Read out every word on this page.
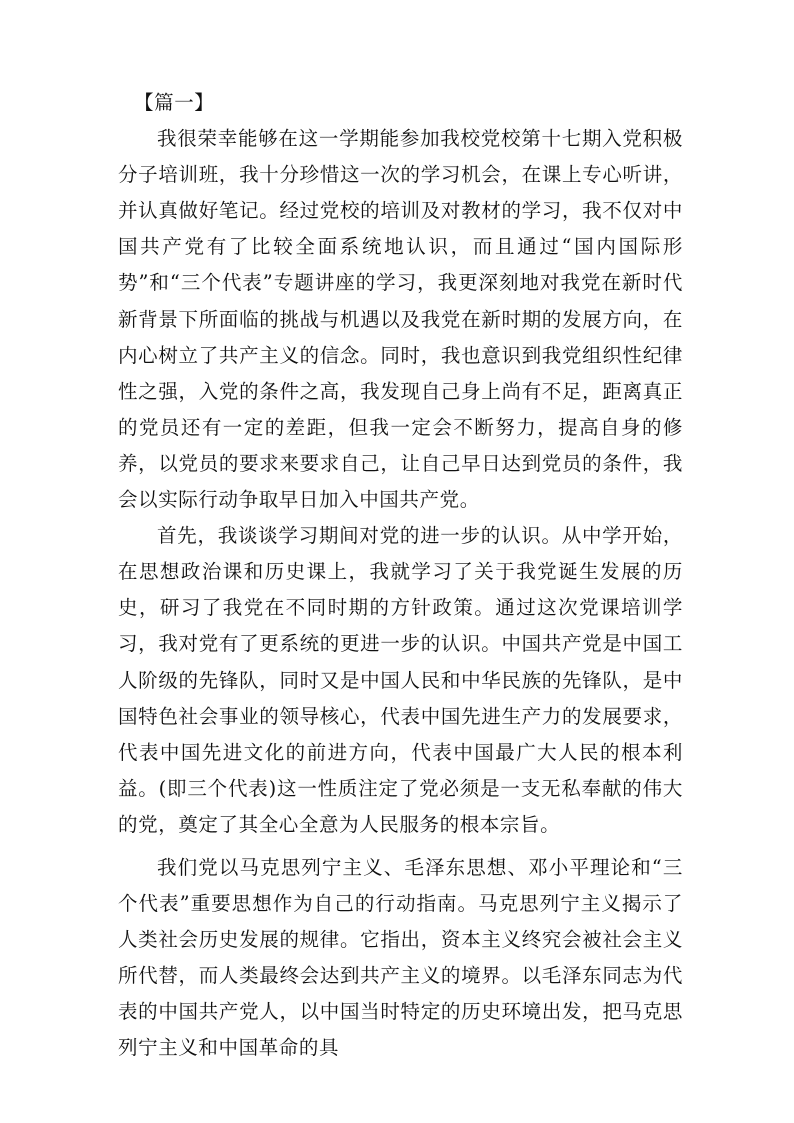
【篇一】

我很荣幸能够在这一学期能参加我校党校第十七期入党积极分子培训班，我十分珍惜这一次的学习机会，在课上专心听讲，并认真做好笔记。经过党校的培训及对教材的学习，我不仅对中国共产党有了比较全面系统地认识，而且通过“国内国际形势”和“三个代表”专题讲座的学习，我更深刻地对我党在新时代新背景下所面临的挑战与机遇以及我党在新时期的发展方向，在内心树立了共产主义的信念。同时，我也意识到我党组织性纪律性之强，入党的条件之高，我发现自己身上尚有不足，距离真正的党员还有一定的差距，但我一定会不断努力，提高自身的修养，以党员的要求来要求自己，让自己早日达到党员的条件，我会以实际行动争取早日加入中国共产党。

首先，我谈谈学习期间对党的进一步的认识。从中学开始，在思想政治课和历史课上，我就学习了关于我党诞生发展的历史，研习了我党在不同时期的方针政策。通过这次党课培训学习，我对党有了更系统的更进一步的认识。中国共产党是中国工人阶级的先锋队，同时又是中国人民和中华民族的先锋队，是中国特色社会事业的领导核心，代表中国先进生产力的发展要求，代表中国先进文化的前进方向，代表中国最广大人民的根本利益。(即三个代表)这一性质注定了党必须是一支无私奉献的伟大的党，奠定了其全心全意为人民服务的根本宗旨。

我们党以马克思列宁主义、毛泽东思想、邓小平理论和“三个代表”重要思想作为自己的行动指南。马克思列宁主义揭示了人类社会历史发展的规律。它指出，资本主义终究会被社会主义所代替，而人类最终会达到共产主义的境界。以毛泽东同志为代表的中国共产党人，以中国当时特定的历史环境出发，把马克思列宁主义和中国革命的具
